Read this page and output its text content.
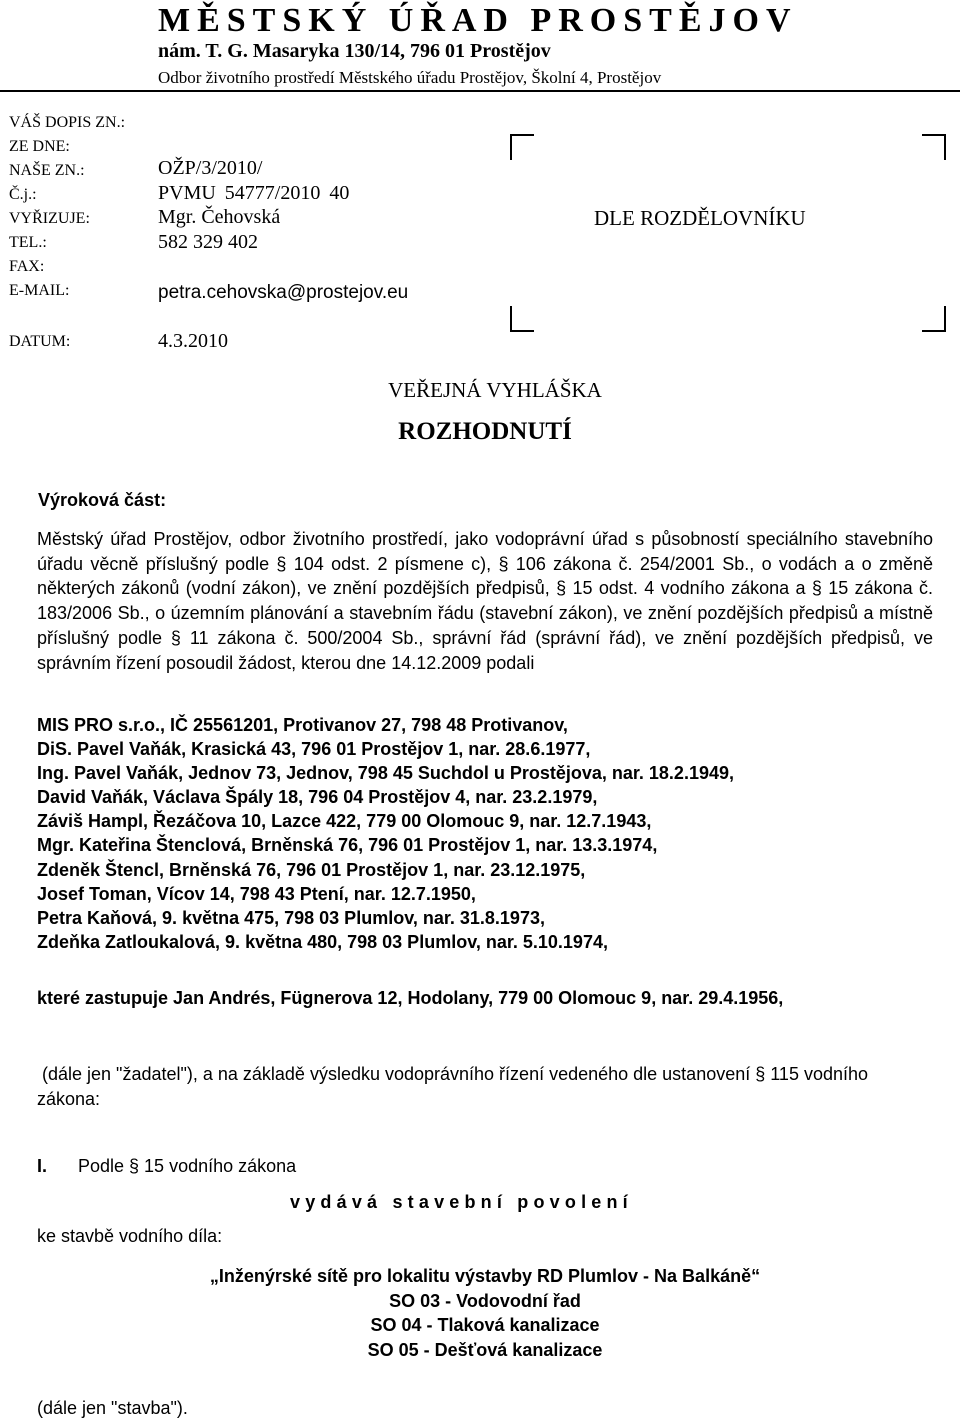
MĚSTSKÝ ÚŘAD PROSTĚJOV
nám. T. G. Masaryka 130/14, 796 01 Prostějov
Odbor životního prostředí Městského úřadu Prostějov, Školní 4, Prostějov
VÁŠ DOPIS ZN.:
ZE DNE:
NAŠE ZN.:	OŽP/3/2010/
Č.j.:	PVMU 54777/2010 40
VYŘIZUJE:	Mgr. Čehovská
TEL.:	582 329 402
FAX:
E-MAIL:	petra.cehovska@prostejov.eu
DATUM:	4.3.2010
DLE ROZDĚLOVNÍKU
VEŘEJNÁ VYHLÁŠKA
ROZHODNUTÍ
Výroková část:
Městský úřad Prostějov, odbor životního prostředí, jako vodoprávní úřad s působností speciálního stavebního úřadu věcně příslušný podle § 104 odst. 2 písmene c), § 106 zákona č. 254/2001 Sb., o vodách a o změně některých zákonů (vodní zákon), ve znění pozdějších předpisů, § 15 odst. 4 vodního zákona a § 15 zákona č. 183/2006 Sb., o územním plánování a stavebním řádu (stavební zákon), ve znění pozdějších předpisů a místně příslušný podle § 11 zákona č. 500/2004 Sb., správní řád (správní řád), ve znění pozdějších předpisů, ve správním řízení posoudil žádost, kterou dne 14.12.2009 podali
MIS PRO s.r.o., IČ 25561201, Protivanov 27, 798 48 Protivanov,
DiS. Pavel Vaňák, Krasická 43, 796 01 Prostějov 1, nar. 28.6.1977,
Ing. Pavel Vaňák, Jednov 73, Jednov, 798 45 Suchdol u Prostějova, nar. 18.2.1949,
David Vaňák, Václava Špály 18, 796 04 Prostějov 4, nar. 23.2.1979,
Záviš Hampl, Řezáčova 10, Lazce 422, 779 00 Olomouc 9, nar. 12.7.1943,
Mgr. Kateřina Štenclová, Brněnská 76, 796 01 Prostějov 1, nar. 13.3.1974,
Zdeněk Štencl, Brněnská 76, 796 01 Prostějov 1, nar. 23.12.1975,
Josef Toman, Vícov 14, 798 43 Ptení, nar. 12.7.1950,
Petra Kaňová, 9. května 475, 798 03 Plumlov, nar. 31.8.1973,
Zdeňka Zatloukalová, 9. května 480, 798 03 Plumlov, nar. 5.10.1974,
které zastupuje Jan Andrés, Fügnerova 12, Hodolany, 779 00 Olomouc 9, nar. 29.4.1956,
(dále jen "žadatel"), a na základě výsledku vodoprávního řízení vedeného dle ustanovení § 115 vodního zákona:
I. Podle § 15 vodního zákona
vydává stavební povolení
ke stavbě vodního díla:
„Inženýrské sítě pro lokalitu výstavby RD Plumlov - Na Balkáně“
SO 03 - Vodovodní řad
SO 04 - Tlaková kanalizace
SO 05 - Dešťová kanalizace
(dále jen "stavba").
